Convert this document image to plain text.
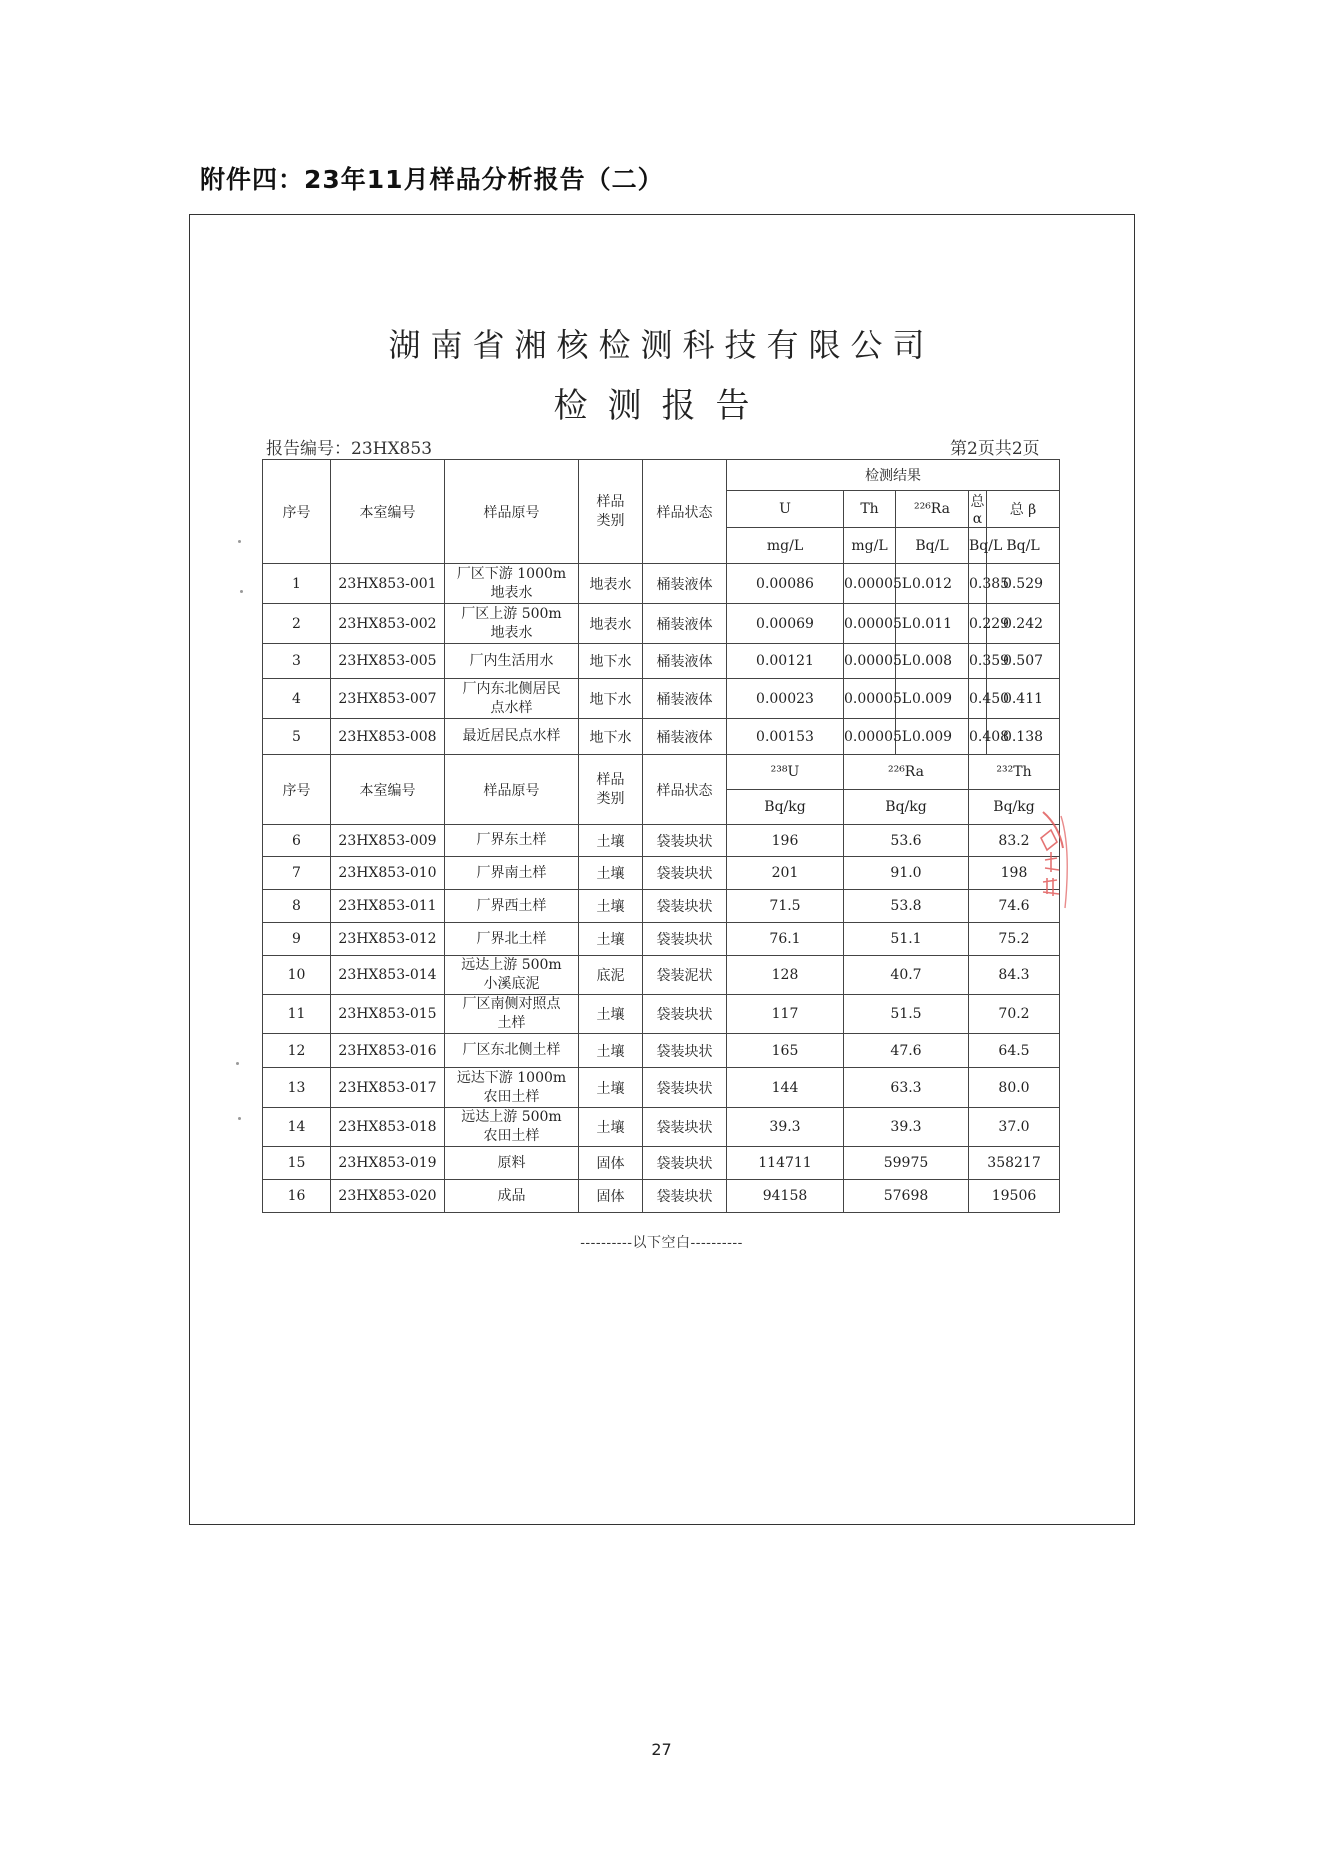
附件四：23年11月样品分析报告（二）
湖南省湘核检测科技有限公司
检测报告
报告编号：23HX853	第2页共2页
序号	本室编号	样品原号	样品
类别	样品状态	检测结果				
					U	Th	²²⁶Ra	总 α	总 β
					mg/L	mg/L	Bq/L	Bq/L	Bq/L
1	23HX853-001	厂区下游 1000m
地表水	地表水	桶装液体	0.00086	0.00005L	0.012	0.385	0.529
2	23HX853-002	厂区上游 500m
地表水	地表水	桶装液体	0.00069	0.00005L	0.011	0.229	0.242
3	23HX853-005	厂内生活用水	地下水	桶装液体	0.00121	0.00005L	0.008	0.359	0.507
4	23HX853-007	厂内东北侧居民
点水样	地下水	桶装液体	0.00023	0.00005L	0.009	0.450	0.411
5	23HX853-008	最近居民点水样	地下水	桶装液体	0.00153	0.00005L	0.009	0.408	0.138
序号	本室编号	样品原号	样品
类别	样品状态	²³⁸U	²²⁶Ra		²³²Th	
					Bq/kg	Bq/kg		Bq/kg	
6	23HX853-009	厂界东土样	土壤	袋装块状	196	53.6		83.2	
7	23HX853-010	厂界南土样	土壤	袋装块状	201	91.0		198	
8	23HX853-011	厂界西土样	土壤	袋装块状	71.5	53.8		74.6	
9	23HX853-012	厂界北土样	土壤	袋装块状	76.1	51.1		75.2	
10	23HX853-014	远达上游 500m
小溪底泥	底泥	袋装泥状	128	40.7		84.3	
11	23HX853-015	厂区南侧对照点
土样	土壤	袋装块状	117	51.5		70.2	
12	23HX853-016	厂区东北侧土样	土壤	袋装块状	165	47.6		64.5	
13	23HX853-017	远达下游 1000m
农田土样	土壤	袋装块状	144	63.3		80.0	
14	23HX853-018	远达上游 500m
农田土样	土壤	袋装块状	39.3	39.3		37.0	
15	23HX853-019	原料	固体	袋装块状	114711	59975		358217	
16	23HX853-020	成品	固体	袋装块状	94158	57698		19506	
----------以下空白----------
27
